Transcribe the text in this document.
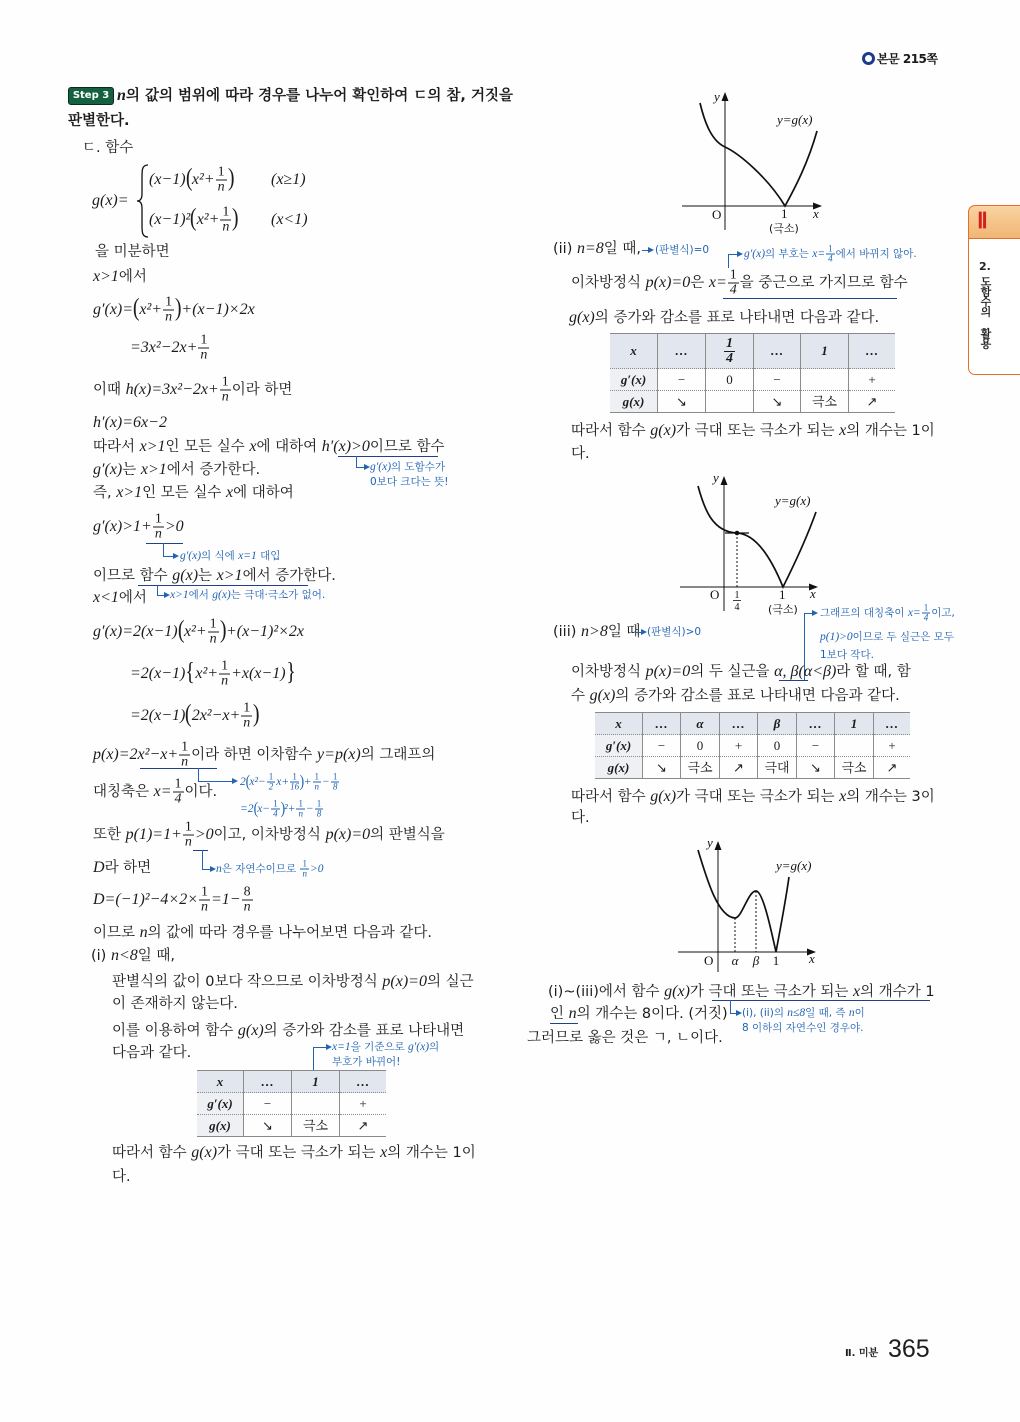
본문 215쪽
Step 3 n의 값의 범위에 따라 경우를 나누어 확인하여 ㄷ의 참, 거짓을
판별한다.
ㄷ. 함수
g(x)=
$(x-1)(x^2+ \frac{1}{n}$ ) (x≥1)
$(x-1)^2(x^2+ \frac{1}{n}$ ) (x<1)
을 미분하면
x>1에서
$g'(x)=(x^2+ \frac{1}{n} )+(x-1)\times 2x$
$=3x^2-2x+ \frac{1}{n}$
이때 $h(x)=3x^2-2x+ \frac{1}{n}$ 이라 하면
h′(x)=6x−2
따라서 x>1인 모든 실수 x에 대하여 h′(x)>0이므로 함수
g′(x)는 x>1에서 증가한다.
즉, x>1인 모든 실수 x에 대하여
$g'(x)>1+ \frac{1}{n} >0$
이므로 함수 g(x)는 x>1에서 증가한다.
x<1에서
$g'(x)=2(x-1)(x^2+ \frac{1}{n} )+(x-1)^2\times 2x$
$=2(x-1)\{x^2+ \frac{1}{n} +x(x-1)\}$
$=2(x-1)(2x^2-x+ \frac{1}{n}$ )
$p(x)=2x^2-x+ \frac{1}{n}$ 이라 하면 이차함수 y=p(x)의 그래프의
대칭축은 $x= \frac{1}{4}$ 이다.
또한 $p(1)=1+ \frac{1}{n} >0$이고, 이차방정식 p(x)=0의 판별식을
D라 하면
$D=(-1)^2-4\times 2\times \frac{1}{n} =1- \frac{8}{n}$
이므로 n의 값에 따라 경우를 나누어보면 다음과 같다.
(i) n<8일 때,
판별식의 값이 0보다 작으므로 이차방정식 p(x)=0의 실근
이 존재하지 않는다.
이를 이용하여 함수 g(x)의 증가와 감소를 표로 나타내면
다음과 같다.
x	…	1	…
g′(x)	−		+
g(x)	↘	극소	↗
따라서 함수 g(x)가 극대 또는 극소가 되는 x의 개수는 1이
다.
g′(x)의 도함수가
0보다 크다는 뜻!
g′(x)의 식에 x=1 대입
x>1에서 g(x)는 극대·극소가 없어.
$2(x^2- \frac{1}{2} x+ \frac{1}{16}$ )+ $\frac{1}{n} - \frac{1}{8}$
$=2(x- \frac{1}{4} )^2+ \frac{1}{n} - \frac{1}{8}$
n은 자연수이므로 $\frac{1}{n} >0$
x=1을 기준으로 g′(x)의
부호가 바뀌어!
y
x
O	1
(극소)
y=g(x)
(ii) n=8일 때, (판별식)=0	g′(x)의 부호는 $x= \frac{1}{4}$ 에서 바뀌지 않아.
이차방정식 p(x)=0은 $x= \frac{1}{4}$ 을 중근으로 가지므로 함수
g(x)의 증가와 감소를 표로 나타내면 다음과 같다.
x	…	$\frac{1}{4}$	…	1	…
g′(x)	−	0	−		+
g(x)	↘		↘	극소	↗
따라서 함수 g(x)가 극대 또는 극소가 되는 x의 개수는 1이
다.
y
x
O 1
4
1
(극소)
y=g(x)
(iii) n>8일 때 (판별식)>0
그래프의 대칭축이 $x= \frac{1}{4}$ 이고,
p(1)>0이므로 두 실근은 모두
1보다 작다.
이차방정식 p(x)=0의 두 실근을 α, β(α<β)라 할 때, 함
수 g(x)의 증가와 감소를 표로 나타내면 다음과 같다.
x	…	α	…	β	…	1	…
g′(x)	−	0	+	0	−		+
g(x)	↘	극소	↗	극대	↘	극소	↗
따라서 함수 g(x)가 극대 또는 극소가 되는 x의 개수는 3이
다.
y
x
O α β 1
y=g(x)
(i)~(iii)에서 함수 g(x)가 극대 또는 극소가 되는 x의 개수가 1
인 n의 개수는 8이다. (거짓) (i), (ii)의 n≤8일 때, 즉 n이
8 이하의 자연수인 경우야.
그러므로 옳은 것은 ㄱ, ㄴ이다.
Ⅱ
2.
도함수의 활용
Ⅱ. 미분 365
